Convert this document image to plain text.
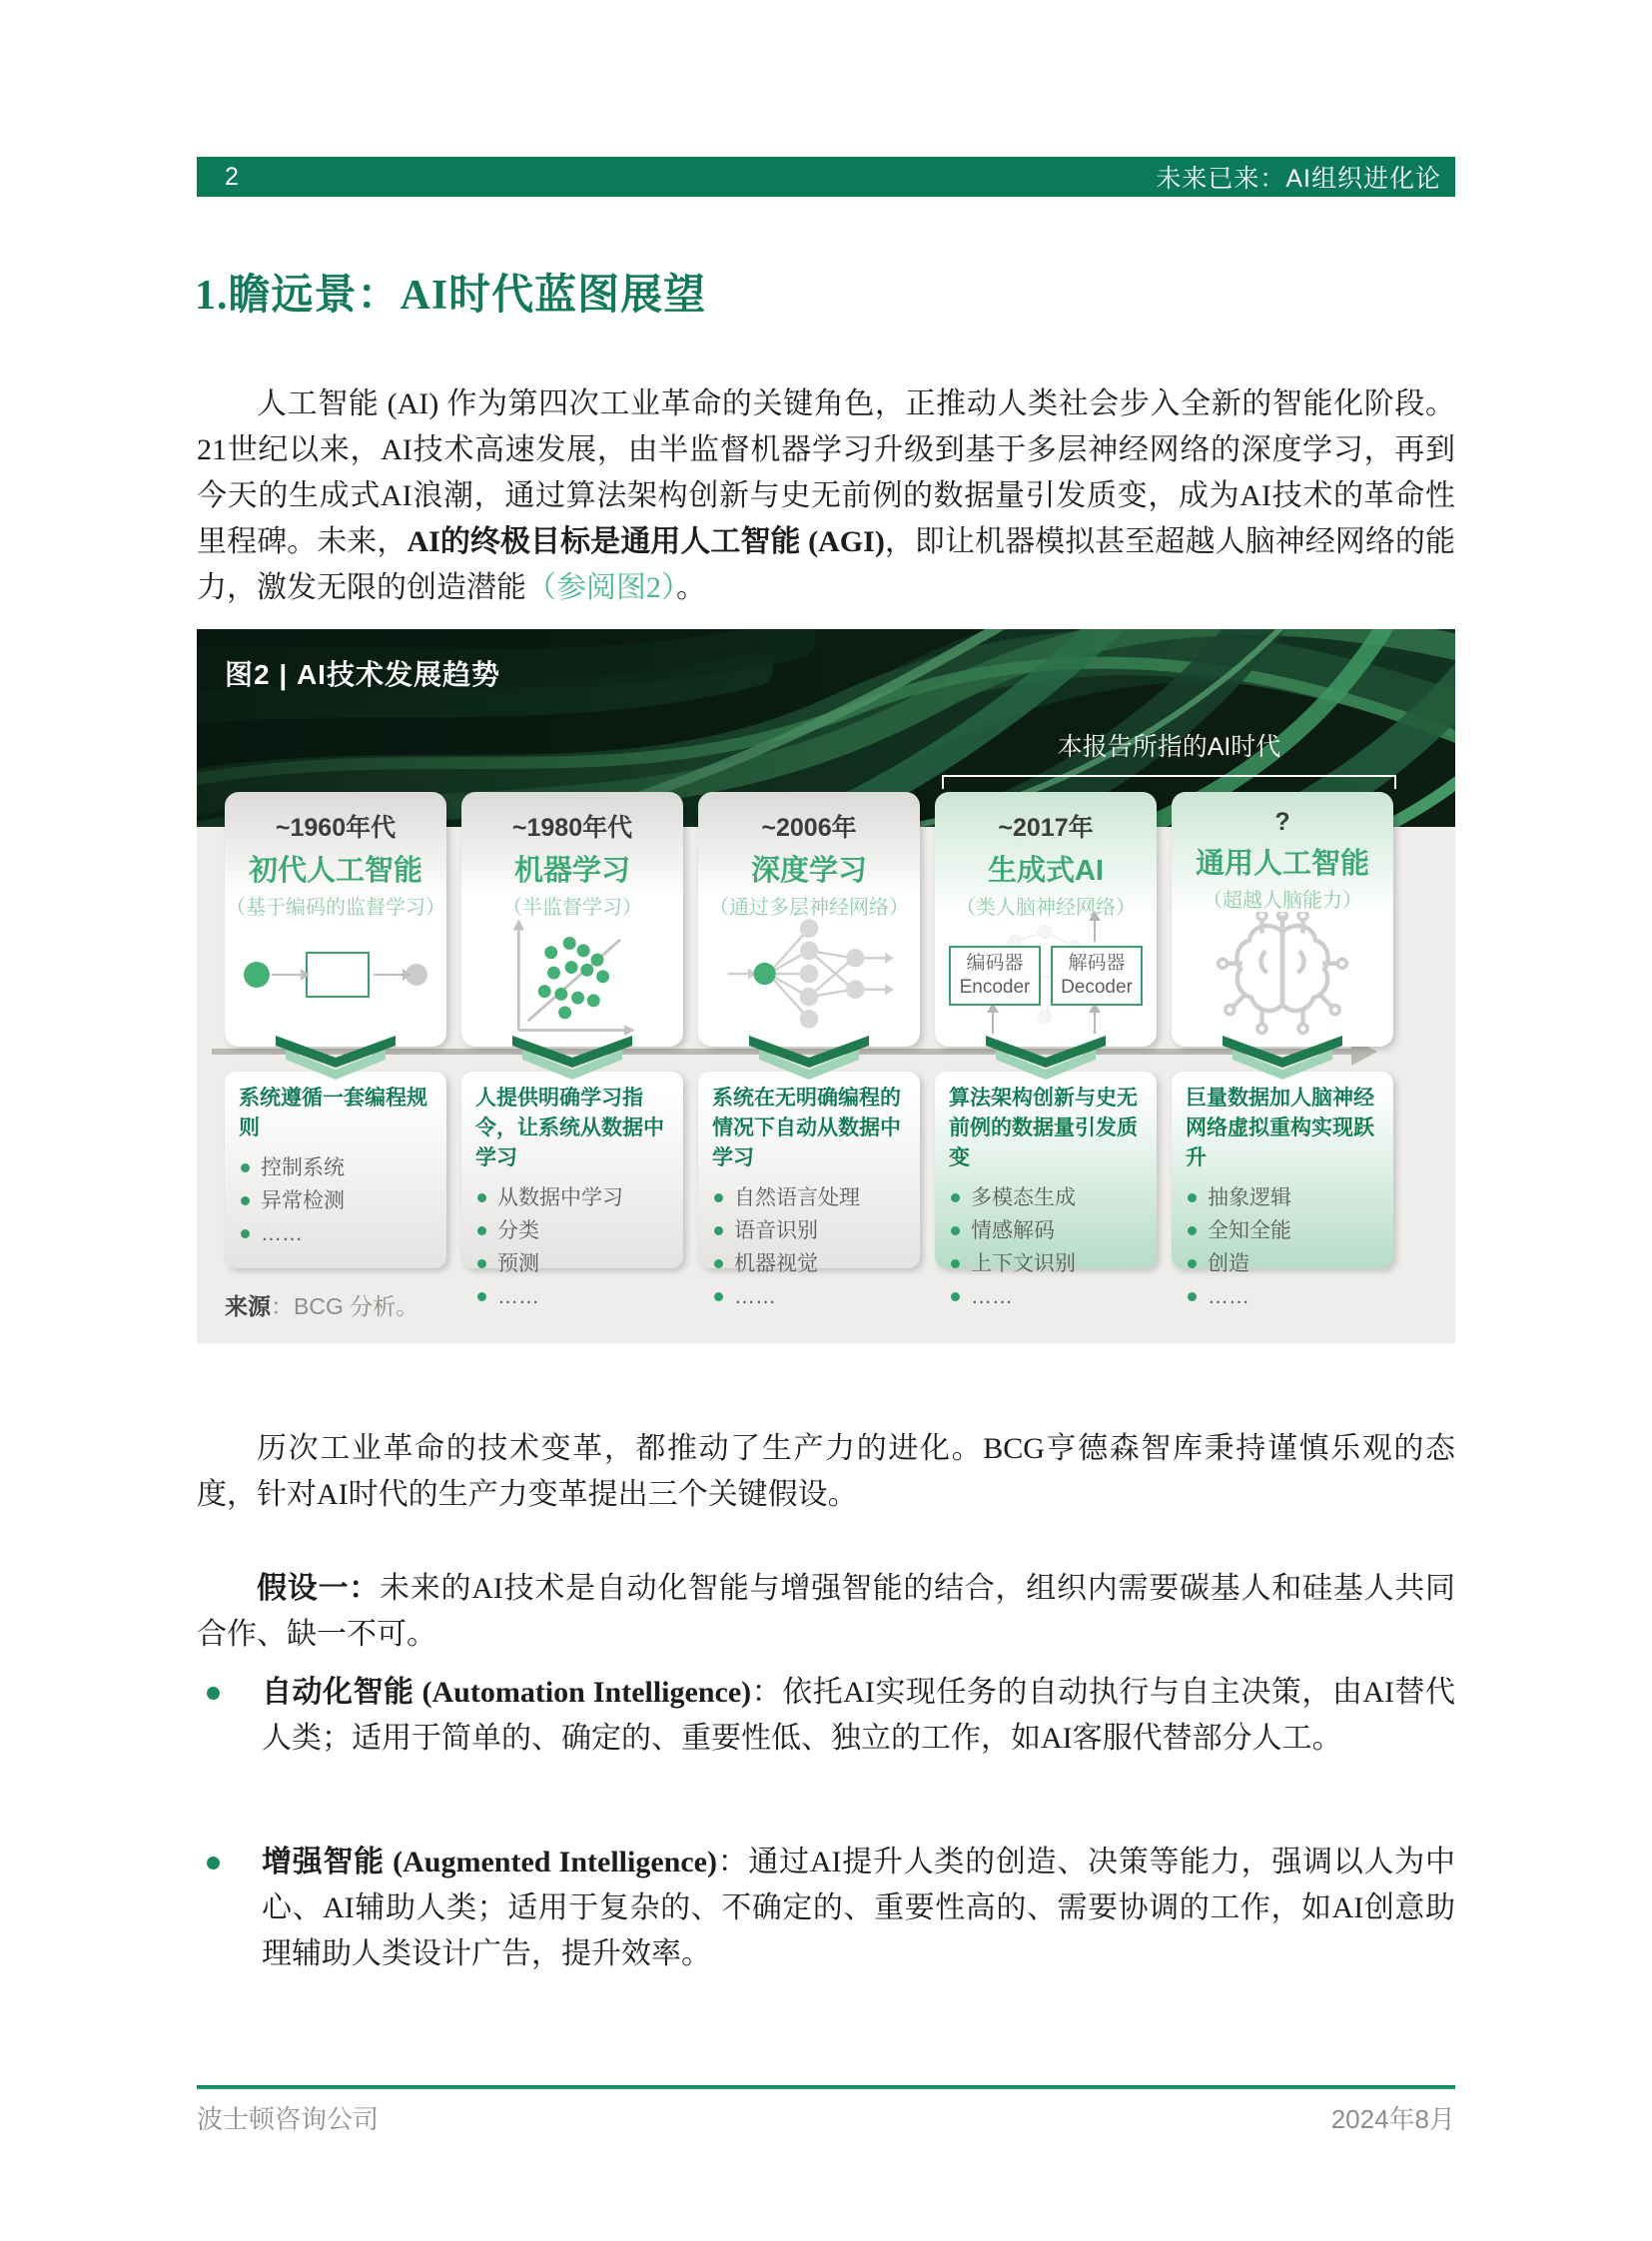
2	未来已来：AI组织进化论
1.瞻远景：AI时代蓝图展望

人工智能 (AI) 作为第四次工业革命的关键角色，正推动人类社会步入全新的智能化阶段。21世纪以来，AI技术高速发展，由半监督机器学习升级到基于多层神经网络的深度学习，再到今天的生成式AI浪潮，通过算法架构创新与史无前例的数据量引发质变，成为AI技术的革命性里程碑。未来，AI的终极目标是通用人工智能 (AGI)，即让机器模拟甚至超越人脑神经网络的能力，激发无限的创造潜能（参阅图2）。

图2 | AI技术发展趋势
本报告所指的AI时代
~1960年代
初代人工智能
（基于编码的监督学习）
系统遵循一套编程规则
控制系统
异常检测
……
~1980年代
机器学习
（半监督学习）
人提供明确学习指令，让系统从数据中学习
从数据中学习
分类
预测
……
~2006年
深度学习
（通过多层神经网络）
系统在无明确编程的情况下自动从数据中学习
自然语言处理
语音识别
机器视觉
……
~2017年
生成式AI
（类人脑神经网络）
编码器
Encoder
解码器
Decoder
算法架构创新与史无前例的数据量引发质变
多模态生成
情感解码
上下文识别
……
?
通用人工智能
（超越人脑能力）
巨量数据加人脑神经网络虚拟重构实现跃升
抽象逻辑
全知全能
创造
……
来源：BCG 分析。

历次工业革命的技术变革，都推动了生产力的进化。BCG亨德森智库秉持谨慎乐观的态度，针对AI时代的生产力变革提出三个关键假设。

假设一：未来的AI技术是自动化智能与增强智能的结合，组织内需要碳基人和硅基人共同合作、缺一不可。

自动化智能 (Automation Intelligence)：依托AI实现任务的自动执行与自主决策，由AI替代人类；适用于简单的、确定的、重要性低、独立的工作，如AI客服代替部分人工。
增强智能 (Augmented Intelligence)：通过AI提升人类的创造、决策等能力，强调以人为中心、AI辅助人类；适用于复杂的、不确定的、重要性高的、需要协调的工作，如AI创意助理辅助人类设计广告，提升效率。
波士顿咨询公司	2024年8月
